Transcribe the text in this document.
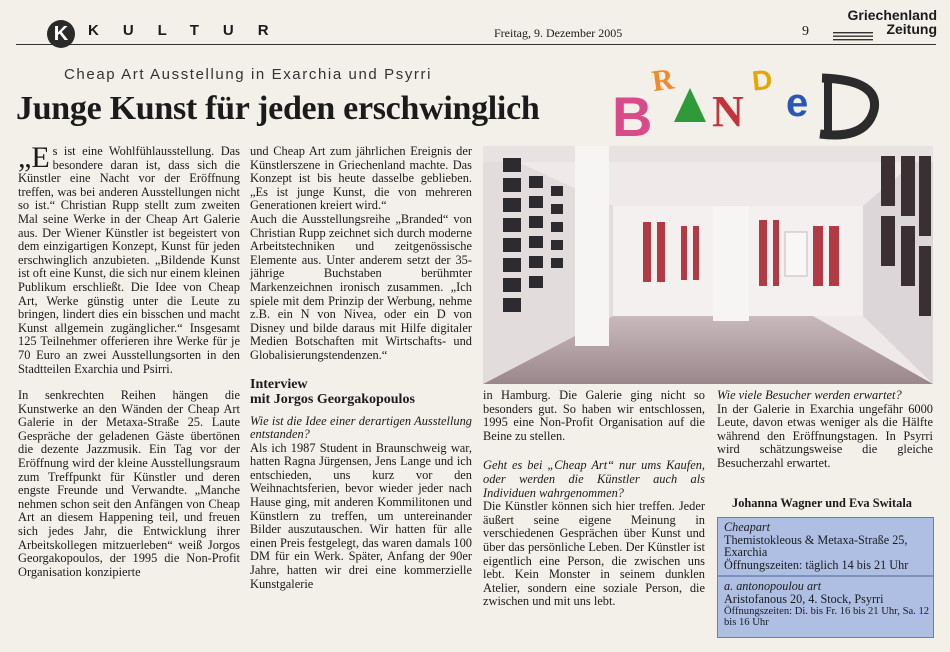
K	KULTUR	Freitag, 9. Dezember 2005	9
Griechenland
Zeitung
Cheap Art Ausstellung in Exarchia und Psyrri
Junge Kunst für jeden erschwinglich B
R
N
D
e

„Es ist eine Wohlfühlausstellung. Das besondere daran ist, dass sich die Künstler eine Nacht vor der Eröffnung treffen, was bei anderen Ausstellungen nicht so ist.“ Christian Rupp stellt zum zweiten Mal seine Werke in der Cheap Art Galerie aus. Der Wiener Künstler ist begeistert von dem einzigartigen Konzept, Kunst für jeden erschwinglich anzubieten. „Bildende Kunst ist oft eine Kunst, die sich nur einem kleinen Publikum erschließt. Die Idee von Cheap Art, Werke günstig unter die Leute zu bringen, lindert dies ein bisschen und macht Kunst allgemein zugänglicher.“ Insgesamt 125 Teilnehmer offerieren ihre Werke für je 70 Euro an zwei Ausstellungsorten in den Stadtteilen Exarchia und Psirri.

In senkrechten Reihen hängen die Kunstwerke an den Wänden der Cheap Art Galerie in der Metaxa-Straße 25. Laute Gespräche der geladenen Gäste übertönen die dezente Jazzmusik. Ein Tag vor der Eröffnung wird der kleine Ausstellungsraum zum Treffpunkt für Künstler und deren engste Freunde und Verwandte. „Manche nehmen schon seit den Anfängen von Cheap Art an diesem Happening teil, und freuen sich jedes Jahr, die Entwicklung ihrer Arbeitskollegen mitzuerleben“ weiß Jorgos Georgakopoulos, der 1995 die Non-Profit Organisation konzipierte

und Cheap Art zum jährlichen Ereignis der Künstlerszene in Griechenland machte. Das Konzept ist bis heute dasselbe geblieben. „Es ist junge Kunst, die von mehreren Generationen kreiert wird.“

Auch die Ausstellungsreihe „Branded“ von Christian Rupp zeichnet sich durch moderne Arbeitstechniken und zeitgenössische Elemente aus. Unter anderem setzt der 35-jährige Buchstaben berühmter Markenzeichnen ironisch zusammen. „Ich spiele mit dem Prinzip der Werbung, nehme z.B. ein N von Nivea, oder ein D von Disney und bilde daraus mit Hilfe digitaler Medien Botschaften mit Wirtschafts- und Globalisierungstendenzen.“

Interview
mit Jorgos Georgakopoulos

Wie ist die Idee einer derartigen Ausstellung entstanden?

Als ich 1987 Student in Braunschweig war, hatten Ragna Jürgensen, Jens Lange und ich entschieden, uns kurz vor den Weihnachtsferien, bevor wieder jeder nach Hause ging, mit anderen Kommilitonen und Künstlern zu treffen, um untereinander Bilder auszutauschen. Wir hatten für alle einen Preis festgelegt, das waren damals 100 DM für ein Werk. Später, Anfang der 90er Jahre, hatten wir drei eine kommerzielle Kunstgalerie

in Hamburg. Die Galerie ging nicht so besonders gut. So haben wir entschlossen, 1995 eine Non-Profit Organisation auf die Beine zu stellen.

Geht es bei „Cheap Art“ nur ums Kaufen, oder werden die Künstler auch als Individuen wahrgenommen?

Die Künstler können sich hier treffen. Jeder äußert seine eigene Meinung in verschiedenen Gesprächen über Kunst und über das persönliche Leben. Der Künstler ist eigentlich eine Person, die zwischen uns lebt. Kein Monster in seinem dunklen Atelier, sondern eine soziale Person, die zwischen und mit uns lebt.

Wie viele Besucher werden erwartet?

In der Galerie in Exarchia ungefähr 6000 Leute, davon etwas weniger als die Hälfte während den Eröffnungstagen. In Psyrri wird schätzungsweise die gleiche Besucherzahl erwartet.

Johanna Wagner und Eva Switala
Cheapart
Themistokleous & Metaxa-Straße 25, Exarchia
Öffnungszeiten: täglich 14 bis 21 Uhr
a. antonopoulou art
Aristofanous 20, 4. Stock, Psyrri
Öffnungszeiten: Di. bis Fr. 16 bis 21 Uhr, Sa. 12 bis 16 Uhr
